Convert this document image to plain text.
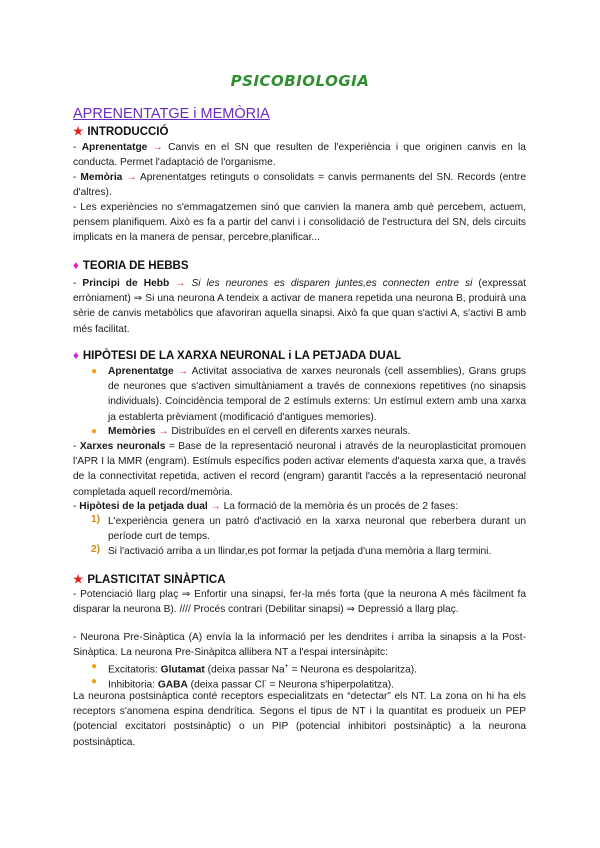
PSICOBIOLOGIA
APRENENTATGE i MEMÒRIA
★ INTRODUCCIÓ
- Aprenentatge → Canvis en el SN que resulten de l'experiència i que originen canvis en la conducta. Permet l'adaptació de l'organisme.
- Memòria → Aprenentatges retinguts o consolidats = canvis permanents del SN. Records (entre d'altres).
- Les experiències no s'emmagatzemen sinó que canvien la manera amb què percebem, actuem, pensem planifiquem. Això es fa a partir del canvi i i consolidació de l'estructura del SN, dels circuits implicats en la manera de pensar, percebre,planificar...
♦ TEORIA DE HEBBS
- Principi de Hebb → Si les neurones es disparen juntes,es connecten entre si (expressat erròniament) ⇒ Si una neurona A tendeix a activar de manera repetida una neurona B, produirà una sèrie de canvis metabòlics que afavoriran aquella sinapsi. Això fa que quan s'activi A, s'activi B amb més facilitat.
♦ HIPÒTESI DE LA XARXA NEURONAL i LA PETJADA DUAL
● Aprenentatge → Activitat associativa de xarxes neuronals (cell assemblies), Grans grups de neurones que s'activen simultàniament a través de connexions repetitives (no sinapsis individuals). Coincidència temporal de 2 estímuls externs: Un estímul extern amb una xarxa ja establerta prèviament (modificació d'antigues memories).
● Memòries → Distribuïdes en el cervell en diferents xarxes neurals.
- Xarxes neuronals = Base de la representació neuronal i através de la neuroplasticitat promouen l'APR I la MMR (engram). Estímuls específics poden activar elements d'aquesta xarxa que, a través de la connectivitat repetida, activen el record (engram) garantit l'accés a la representació neuronal completada aquell record/memòria.
- Hipòtesi de la petjada dual → La formació de la memòria és un procés de 2 fases:
1) L'experiència genera un patró d'activació en la xarxa neuronal que reberbera durant un període curt de temps.
2) Si l'activació arriba a un llindar,es pot formar la petjada d'una memòria a llarg termini.
★ PLASTICITAT SINÀPTICA
- Potenciació llarg plaç ⇒ Enfortir una sinapsi, fer-la més forta (que la neurona A més fàcilment fa disparar la neurona B). //// Procés contrari (Debilitar sinapsi) ⇒ Depressió a llarg plaç.
- Neurona Pre-Sinàptica (A) envía la la informació per les dendrites i arriba la sinapsis a la Post-Sinàptica. La neurona Pre-Sinàpitca allibera NT a l'espai intersinàpitc:
● Excitatoris: Glutamat (deixa passar Na+ = Neurona es despolaritza).
● Inhibitoria: GABA (deixa passar Cl- = Neurona s'hiperpolatitza).
La neurona postsinàptica conté receptors especialitzats en “detectar” els NT. La zona on hi ha els receptors s'anomena espina dendrítica. Segons el tipus de NT i la quantitat es produeix un PEP (potencial excitatori postsinàptic) o un PIP (potencial inhibitori postsinàptic) a la neurona postsinàptica.
